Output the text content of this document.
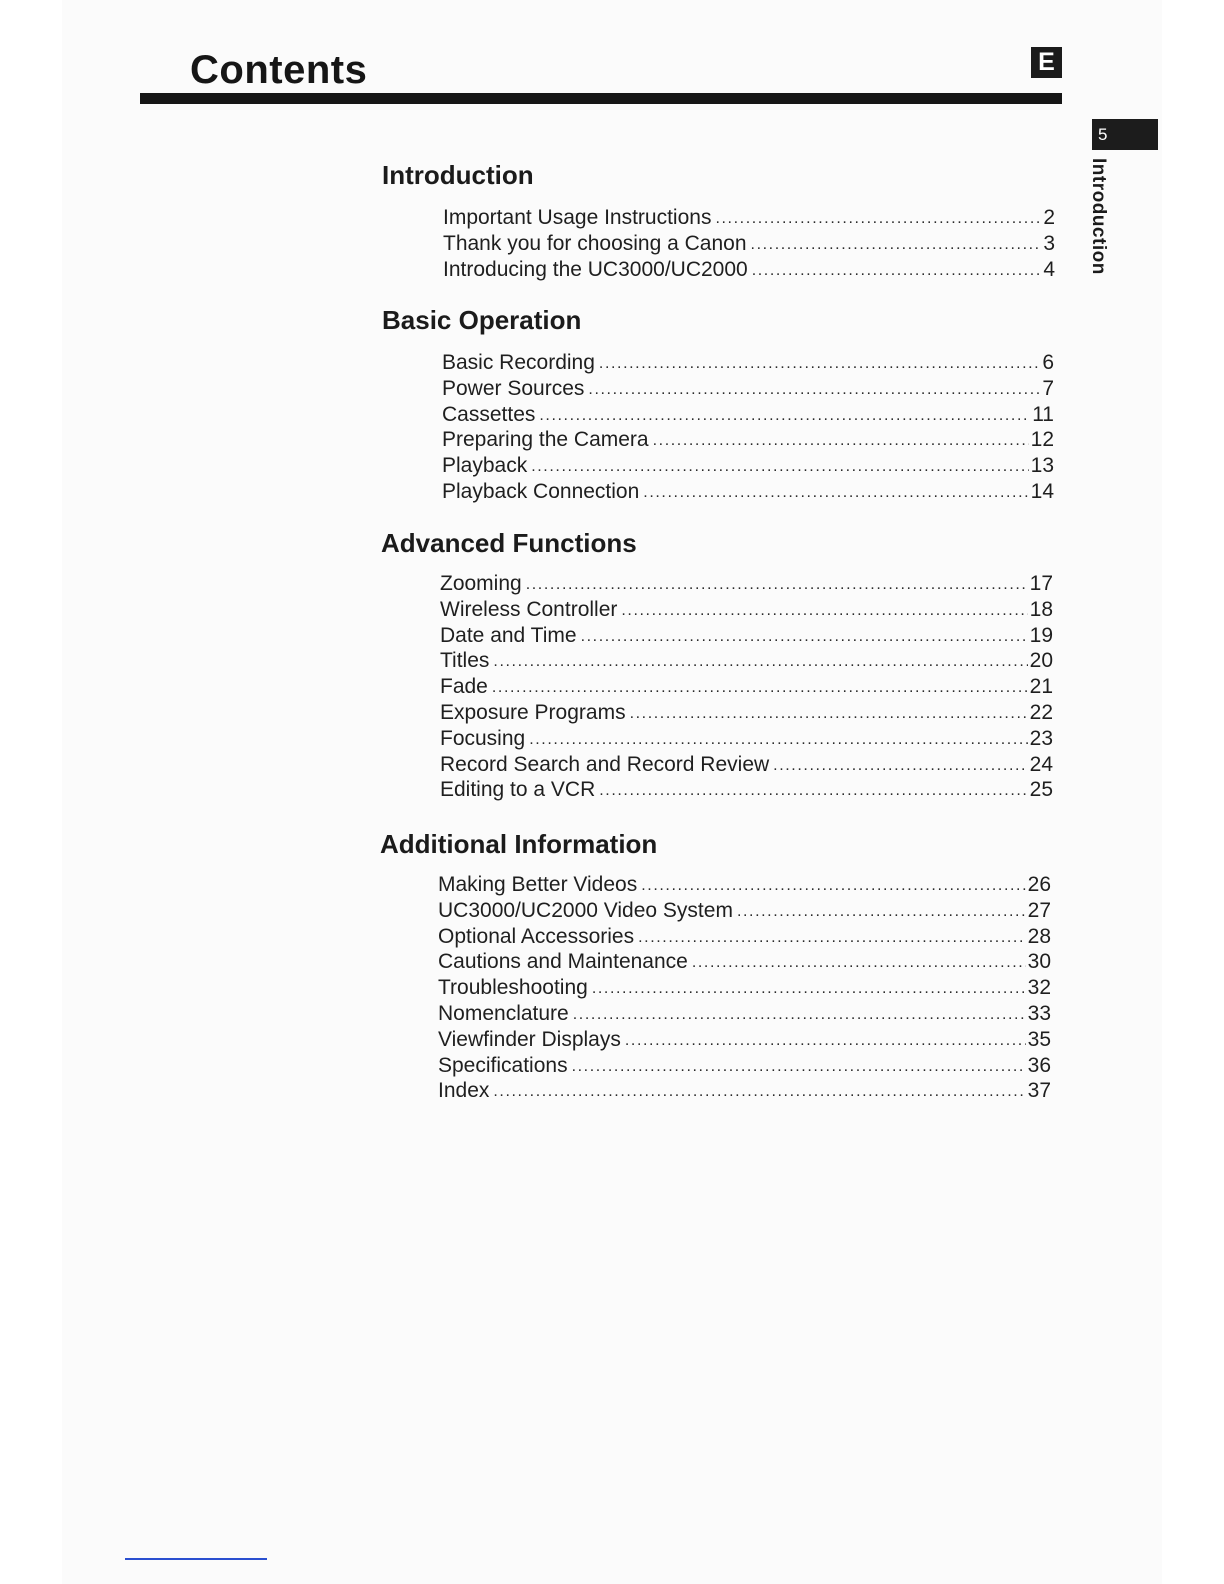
Contents	E
5
Introduction
Introduction
Important Usage Instructions .....	2
Thank you for choosing a Canon .....	3
Introducing the UC3000/UC2000 .....	4
Basic Operation
Basic Recording .....	6
Power Sources .....	7
Cassettes .....	11
Preparing the Camera .....	12
Playback .....	13
Playback Connection .....	14
Advanced Functions
Zooming .....	17
Wireless Controller .....	18
Date and Time .....	19
Titles .....	20
Fade .....	21
Exposure Programs .....	22
Focusing .....	23
Record Search and Record Review .....	24
Editing to a VCR .....	25
Additional Information
Making Better Videos .....	26
UC3000/UC2000 Video System .....	27
Optional Accessories .....	28
Cautions and Maintenance .....	30
Troubleshooting .....	32
Nomenclature .....	33
Viewfinder Displays .....	35
Specifications .....	36
Index .....	37
